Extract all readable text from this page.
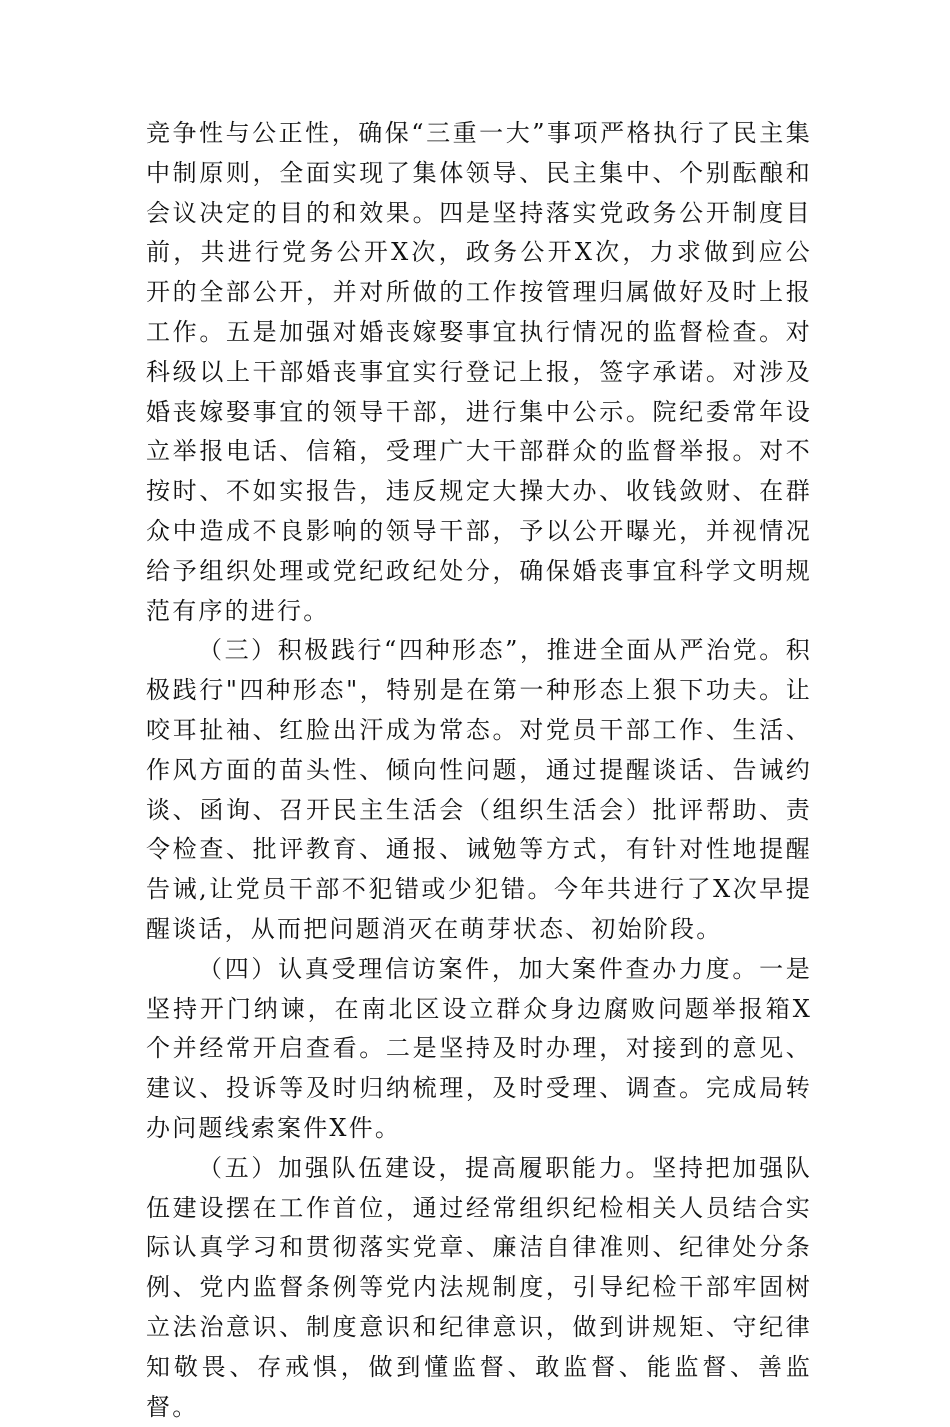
竞争性与公正性，确保“三重一大”事项严格执行了民主集中制原则，全面实现了集体领导、民主集中、个别酝酿和会议决定的目的和效果。四是坚持落实党政务公开制度目前，共进行党务公开X次，政务公开X次，力求做到应公开的全部公开，并对所做的工作按管理归属做好及时上报工作。五是加强对婚丧嫁娶事宜执行情况的监督检查。对科级以上干部婚丧事宜实行登记上报，签字承诺。对涉及婚丧嫁娶事宜的领导干部，进行集中公示。院纪委常年设立举报电话、信箱，受理广大干部群众的监督举报。对不按时、不如实报告，违反规定大操大办、收钱敛财、在群众中造成不良影响的领导干部，予以公开曝光，并视情况给予组织处理或党纪政纪处分，确保婚丧事宜科学文明规范有序的进行。

（三）积极践行“四种形态”，推进全面从严治党。积极践行"四种形态"，特别是在第一种形态上狠下功夫。让咬耳扯袖、红脸出汗成为常态。对党员干部工作、生活、作风方面的苗头性、倾向性问题，通过提醒谈话、告诫约谈、函询、召开民主生活会（组织生活会）批评帮助、责令检查、批评教育、通报、诫勉等方式，有针对性地提醒告诫,让党员干部不犯错或少犯错。今年共进行了X次早提醒谈话，从而把问题消灭在萌芽状态、初始阶段。

（四）认真受理信访案件，加大案件查办力度。一是坚持开门纳谏，在南北区设立群众身边腐败问题举报箱X个并经常开启查看。二是坚持及时办理，对接到的意见、建议、投诉等及时归纳梳理，及时受理、调查。完成局转办问题线索案件X件。

（五）加强队伍建设，提高履职能力。坚持把加强队伍建设摆在工作首位，通过经常组织纪检相关人员结合实际认真学习和贯彻落实党章、廉洁自律准则、纪律处分条例、党内监督条例等党内法规制度，引导纪检干部牢固树立法治意识、制度意识和纪律意识，做到讲规矩、守纪律知敬畏、存戒惧，做到懂监督、敢监督、能监督、善监督。
